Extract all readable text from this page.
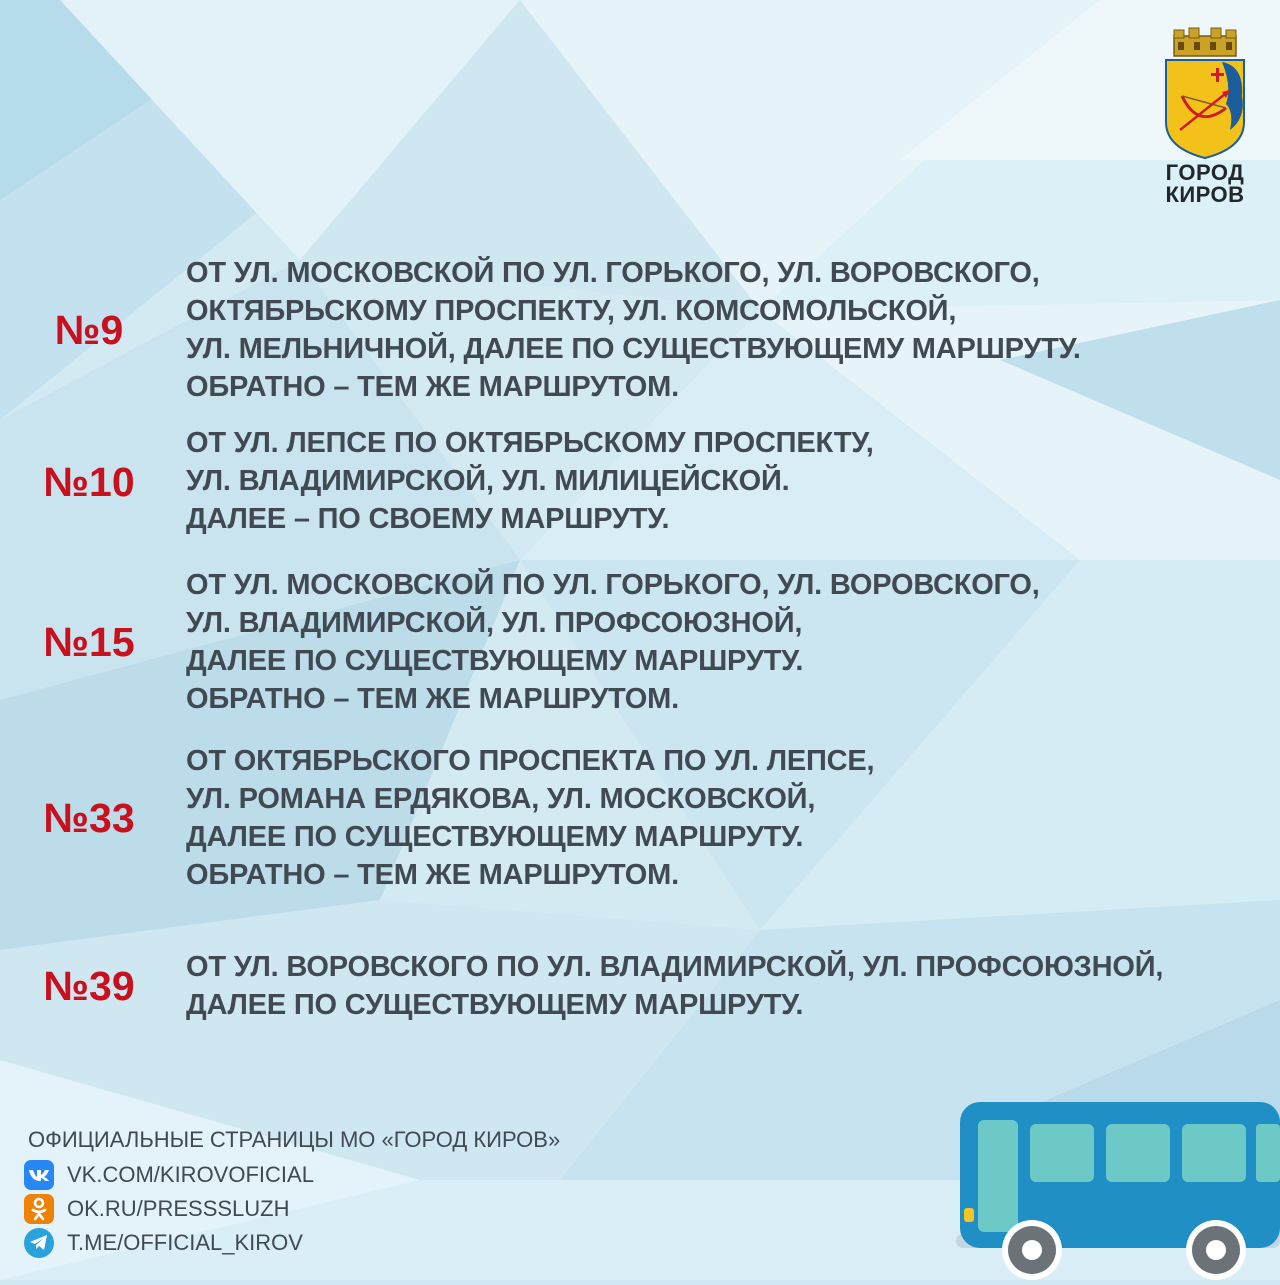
ГОРОД
КИРОВ
№9

ОТ УЛ. МОСКОВСКОЙ ПО УЛ. ГОРЬКОГО, УЛ. ВОРОВСКОГО,
ОКТЯБРЬСКОМУ ПРОСПЕКТУ, УЛ. КОМСОМОЛЬСКОЙ,
УЛ. МЕЛЬНИЧНОЙ, ДАЛЕЕ ПО СУЩЕСТВУЮЩЕМУ МАРШРУТУ.
ОБРАТНО – ТЕМ ЖЕ МАРШРУТОМ.

№10

ОТ УЛ. ЛЕПСЕ ПО ОКТЯБРЬСКОМУ ПРОСПЕКТУ,
УЛ. ВЛАДИМИРСКОЙ, УЛ. МИЛИЦЕЙСКОЙ.
ДАЛЕЕ – ПО СВОЕМУ МАРШРУТУ.

№15

ОТ УЛ. МОСКОВСКОЙ ПО УЛ. ГОРЬКОГО, УЛ. ВОРОВСКОГО,
УЛ. ВЛАДИМИРСКОЙ, УЛ. ПРОФСОЮЗНОЙ,
ДАЛЕЕ ПО СУЩЕСТВУЮЩЕМУ МАРШРУТУ.
ОБРАТНО – ТЕМ ЖЕ МАРШРУТОМ.

№33

ОТ ОКТЯБРЬСКОГО ПРОСПЕКТА ПО УЛ. ЛЕПСЕ,
УЛ. РОМАНА ЕРДЯКОВА, УЛ. МОСКОВСКОЙ,
ДАЛЕЕ ПО СУЩЕСТВУЮЩЕМУ МАРШРУТУ.
ОБРАТНО – ТЕМ ЖЕ МАРШРУТОМ.

№39	ОТ УЛ. ВОРОВСКОГО ПО УЛ. ВЛАДИМИРСКОЙ, УЛ. ПРОФСОЮЗНОЙ,
ДАЛЕЕ ПО СУЩЕСТВУЮЩЕМУ МАРШРУТУ.

ОФИЦИАЛЬНЫЕ СТРАНИЦЫ МО «ГОРОД КИРОВ»
VK.COM/KIROVOFICIAL
OK.RU/PRESSSLUZH
T.ME/OFFICIAL_KIROV
